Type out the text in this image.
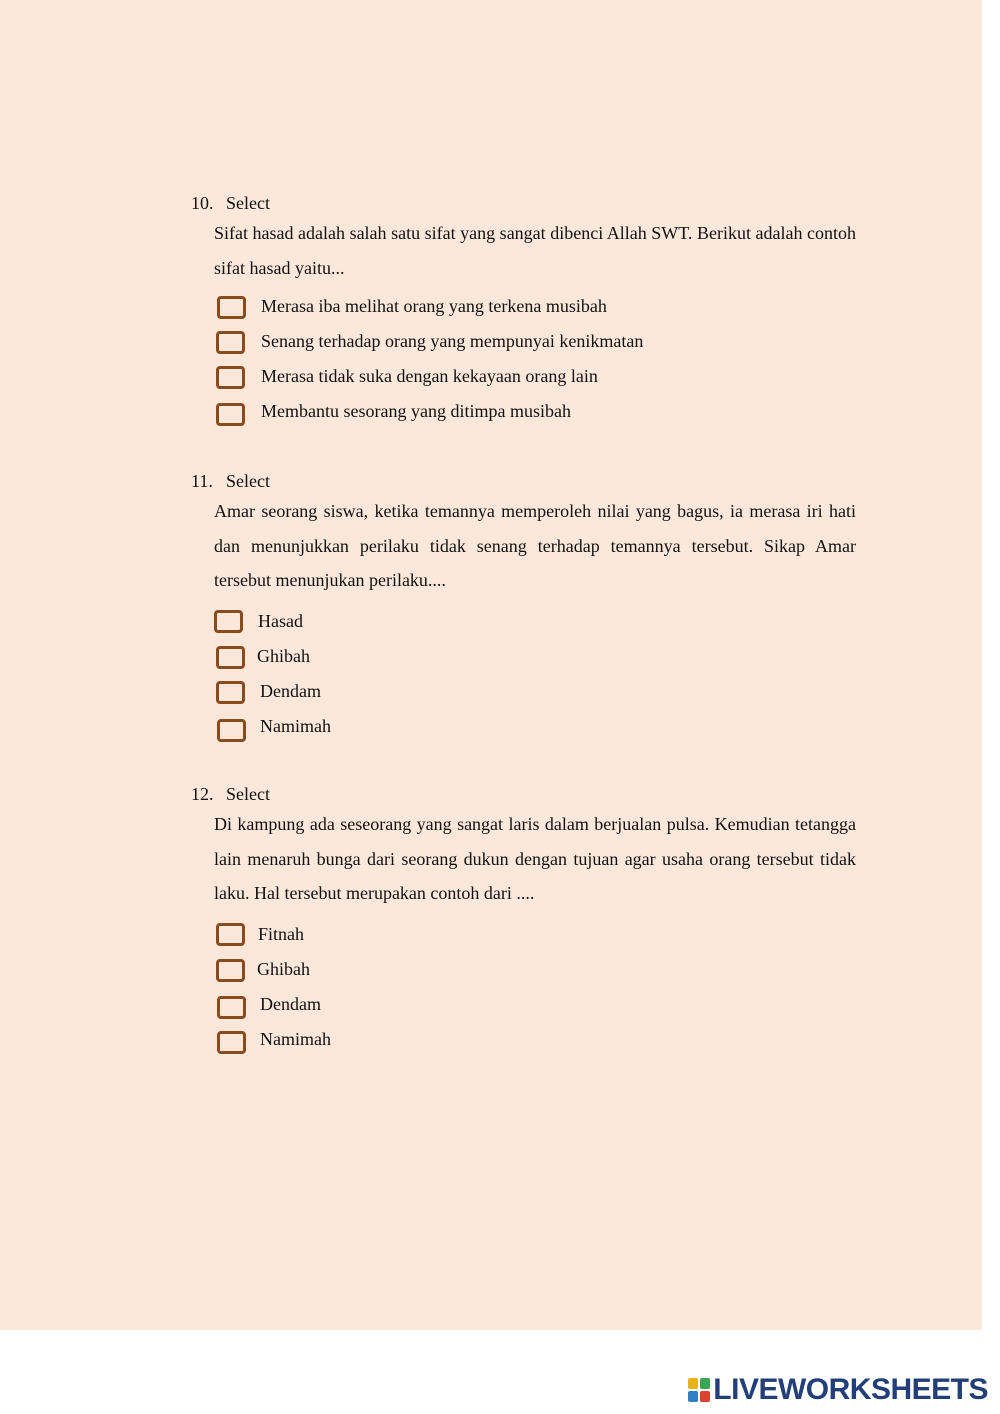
10. Select
Sifat hasad adalah salah satu sifat yang sangat dibenci Allah SWT. Berikut adalah contoh sifat hasad yaitu...
Merasa iba melihat orang yang terkena musibah
Senang terhadap orang yang mempunyai kenikmatan
Merasa tidak suka dengan kekayaan orang lain
Membantu sesorang yang ditimpa musibah
11. Select
Amar seorang siswa, ketika temannya memperoleh nilai yang bagus, ia merasa iri hati dan menunjukkan perilaku tidak senang terhadap temannya tersebut. Sikap Amar tersebut menunjukan perilaku....
Hasad
Ghibah
Dendam
Namimah
12. Select
Di kampung ada seseorang yang sangat laris dalam berjualan pulsa. Kemudian tetangga lain menaruh bunga dari seorang dukun dengan tujuan agar usaha orang tersebut tidak laku. Hal tersebut merupakan contoh dari ....
Fitnah
Ghibah
Dendam
Namimah
LIVEWORKSHEETS
